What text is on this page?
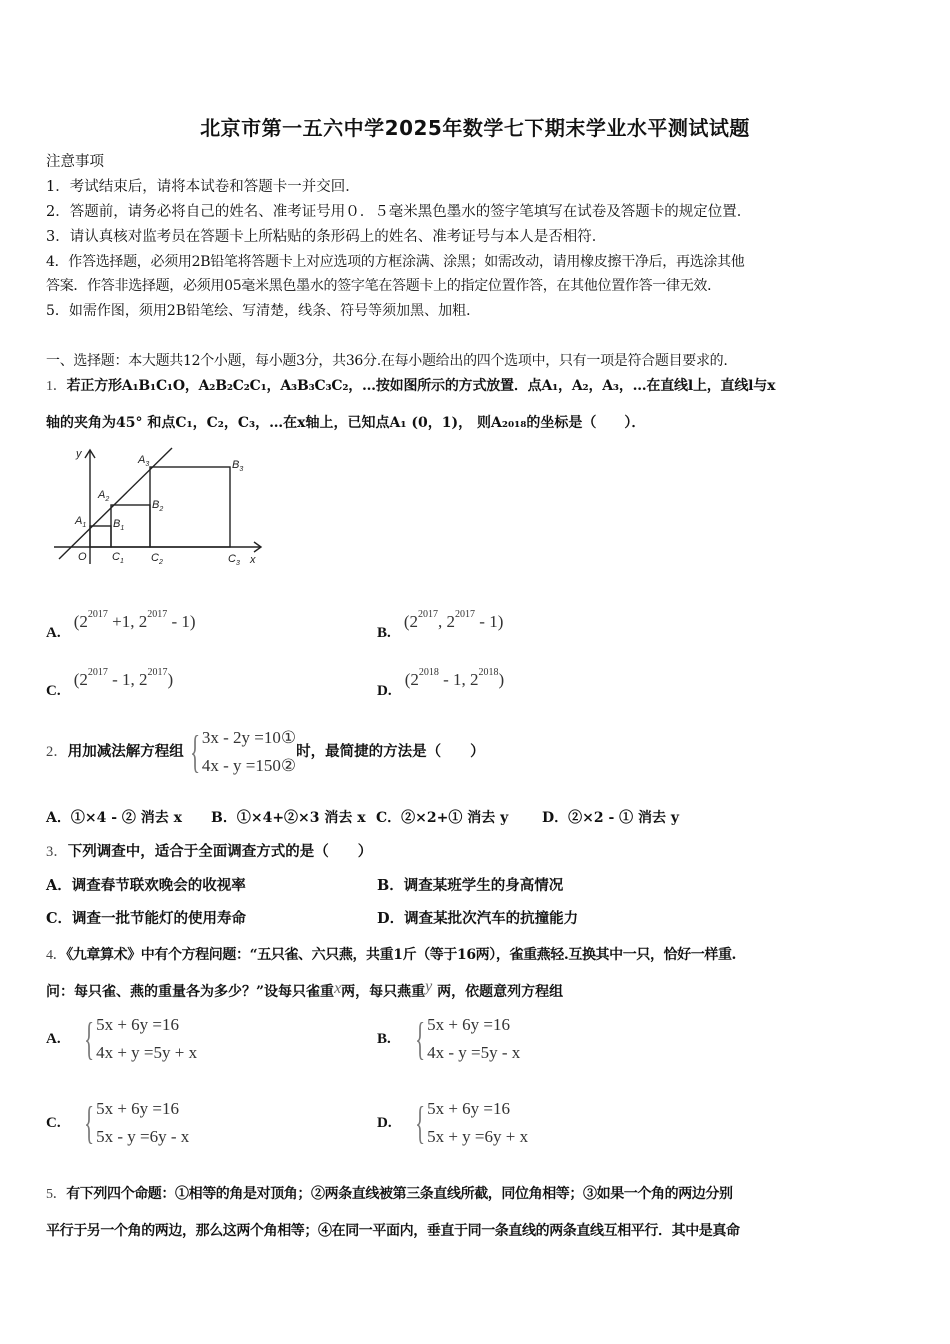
北京市第一五六中学2025年数学七下期末学业水平测试试题
注意事项
1．考试结束后，请将本试卷和答题卡一并交回．
2．答题前，请务必将自己的姓名、准考证号用０．５毫米黑色墨水的签字笔填写在试卷及答题卡的规定位置．
3．请认真核对监考员在答题卡上所粘贴的条形码上的姓名、准考证号与本人是否相符．
4．作答选择题，必须用2B铅笔将答题卡上对应选项的方框涂满、涂黑；如需改动，请用橡皮擦干净后，再选涂其他
答案．作答非选择题，必须用05毫米黑色墨水的签字笔在答题卡上的指定位置作答，在其他位置作答一律无效．
5．如需作图，须用2B铅笔绘、写清楚，线条、符号等须加黑、加粗．
一、选择题：本大题共12个小题，每小题3分，共36分.在每小题给出的四个选项中，只有一项是符合题目要求的.
1．若正方形A₁B₁C₁O，A₂B₂C₂C₁，A₃B₃C₃C₂，…按如图所示的方式放置．点A₁，A₂，A₃，…在直线l上，直线l与x
轴的夹角为45° 和点C₁，C₂，C₃，…在x轴上，已知点A₁ (0，1)， 则A₂₀₁₈的坐标是（　　）．
y	$A_3$	$B_3$
$A_2$	$B_2$
$A_1$ $B_1$
O $C_1$ $C_2$	$C_3$ x
A. ($2^{2017} +1$, $2^{2017} - 1$)
B. ($2^{2017}$, $2^{2017} - 1$)
C. ($2^{2017} - 1$, $2^{2017}$)
D. ($2^{2018} - 1$, $2^{2018}$)
2． 用加减法解方程组 { 3x - 2y =10①
4x - y =150②
时，最简捷的方法是（　　）
A．①×4 - ② 消去 x B．①×4+②×3 消去 x C．②×2+① 消去 y D．②×2 - ① 消去 y
3．下列调查中，适合于全面调查方式的是（　　）
A．调查春节联欢晚会的收视率	B．调查某班学生的身高情况
C．调查一批节能灯的使用寿命	D．调查某批次汽车的抗撞能力
4．《九章算术》中有个方程问题：“五只雀、六只燕，共重1斤（等于16两），雀重燕轻.互换其中一只，恰好一样重.
问：每只雀、燕的重量各为多少？”设每只雀重x两，每只燕重y 两，依题意列方程组
A. { 5x + 6y =16
4x + y =5y + x
B. { 5x + 6y =16
4x - y =5y - x
C. { 5x + 6y =16
5x - y =6y - x
D. { 5x + 6y =16
5x + y =6y + x
5．有下列四个命题：①相等的角是对顶角；②两条直线被第三条直线所截，同位角相等；③如果一个角的两边分别
平行于另一个角的两边，那么这两个角相等；④在同一平面内，垂直于同一条直线的两条直线互相平行．其中是真命
